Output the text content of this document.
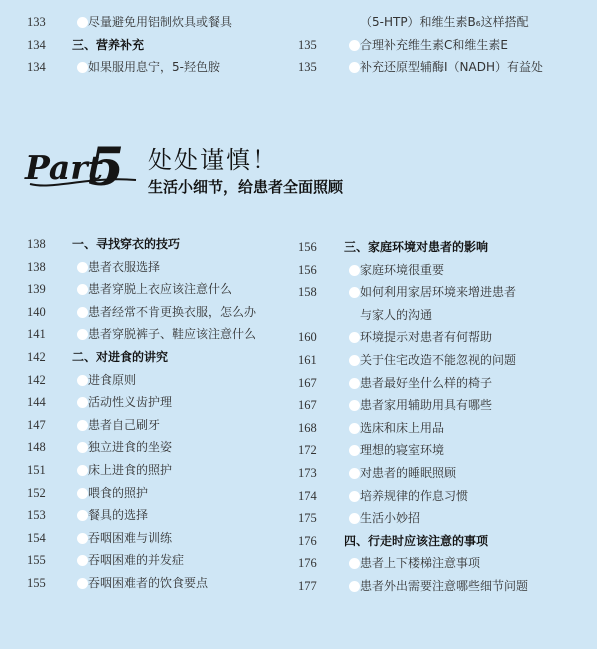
133	尽量避免用铝制炊具或餐具
134	三、营养补充
134	如果服用息宁，5-羟色胺
（5-HTP）和维生素B₆这样搭配
135	合理补充维生素C和维生素E
135	补充还原型辅酶Ⅰ（NADH）有益处
Part
5 处处谨慎！
生活小细节，给患者全面照顾
138	一、寻找穿衣的技巧
138	患者衣服选择
139	患者穿脱上衣应该注意什么
140	患者经常不肯更换衣服，怎么办
141	患者穿脱裤子、鞋应该注意什么
142	二、对进食的讲究
142	进食原则
144	活动性义齿护理
147	患者自己刷牙
148	独立进食的坐姿
151	床上进食的照护
152	喂食的照护
153	餐具的选择
154	吞咽困难与训练
155	吞咽困难的并发症
155	吞咽困难者的饮食要点
156	三、家庭环境对患者的影响
156	家庭环境很重要
158	如何利用家居环境来增进患者
与家人的沟通
160	环境提示对患者有何帮助
161	关于住宅改造不能忽视的问题
167	患者最好坐什么样的椅子
167	患者家用辅助用具有哪些
168	选床和床上用品
172	理想的寝室环境
173	对患者的睡眠照顾
174	培养规律的作息习惯
175	生活小妙招
176	四、行走时应该注意的事项
176	患者上下楼梯注意事项
177	患者外出需要注意哪些细节问题
